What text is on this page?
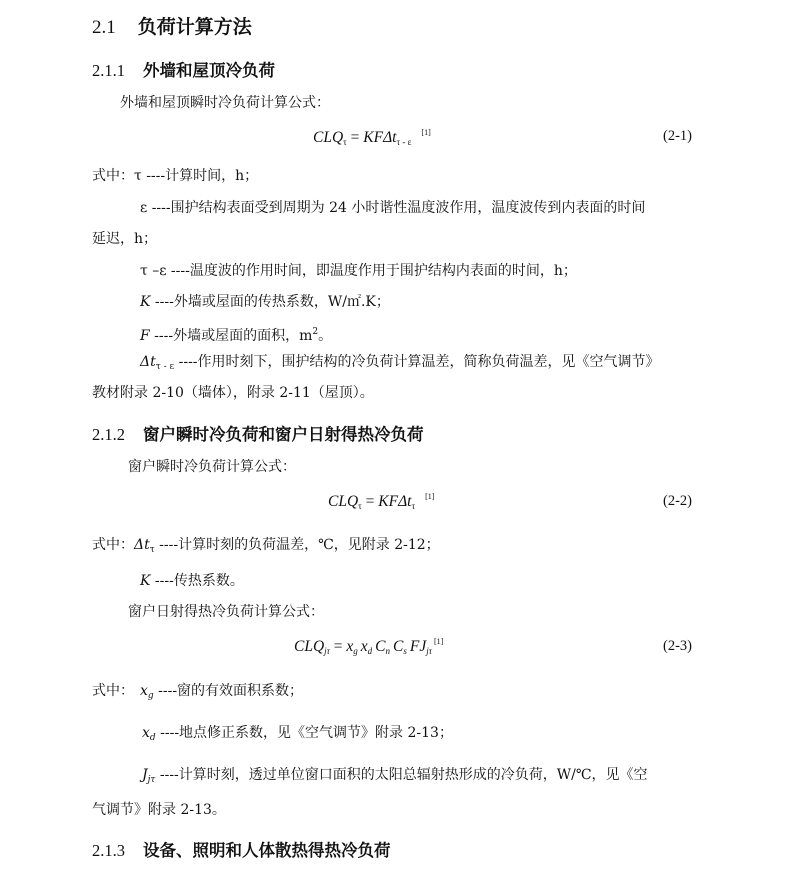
2.1 负荷计算方法
2.1.1 外墙和屋顶冷负荷
外墙和屋顶瞬时冷负荷计算公式：
$CLQ_\tau = KF\Delta t_{\tau - \varepsilon}[1]$	(2-1)
式中：τ ----计算时间，h；
ε ----围护结构表面受到周期为 24 小时谐性温度波作用，温度波传到内表面的时间
延迟，h；
τ –ε ----温度波的作用时间，即温度作用于围护结构内表面的时间，h；
K ----外墙或屋面的传热系数，W/㎡.K；
F ----外墙或屋面的面积，$m^2$。
$\Delta t_{\tau - \varepsilon}$ ----作用时刻下，围护结构的冷负荷计算温差，简称负荷温差，见《空气调节》
教材附录 2-10（墙体），附录 2-11（屋顶）。
2.1.2 窗户瞬时冷负荷和窗户日射得热冷负荷
窗户瞬时冷负荷计算公式：
$CLQ_\tau = KF\Delta t_\tau[1]$	(2-2)
式中：$\Delta t_\tau$ ----计算时刻的负荷温差，℃，见附录 2-12；
K ----传热系数。
窗户日射得热冷负荷计算公式：
$CLQ_{j\tau} = x_g$ $x_d$ $C_n$ $C_s$ $FJ_{j\tau}[1]$	(2-3)
式中： $x_g$ ----窗的有效面积系数；
$x_d$ ----地点修正系数，见《空气调节》附录 2-13；
$J_{j\tau}$ ----计算时刻，透过单位窗口面积的太阳总辐射热形成的冷负荷，W/℃，见《空
气调节》附录 2-13。
2.1.3 设备、照明和人体散热得热冷负荷
